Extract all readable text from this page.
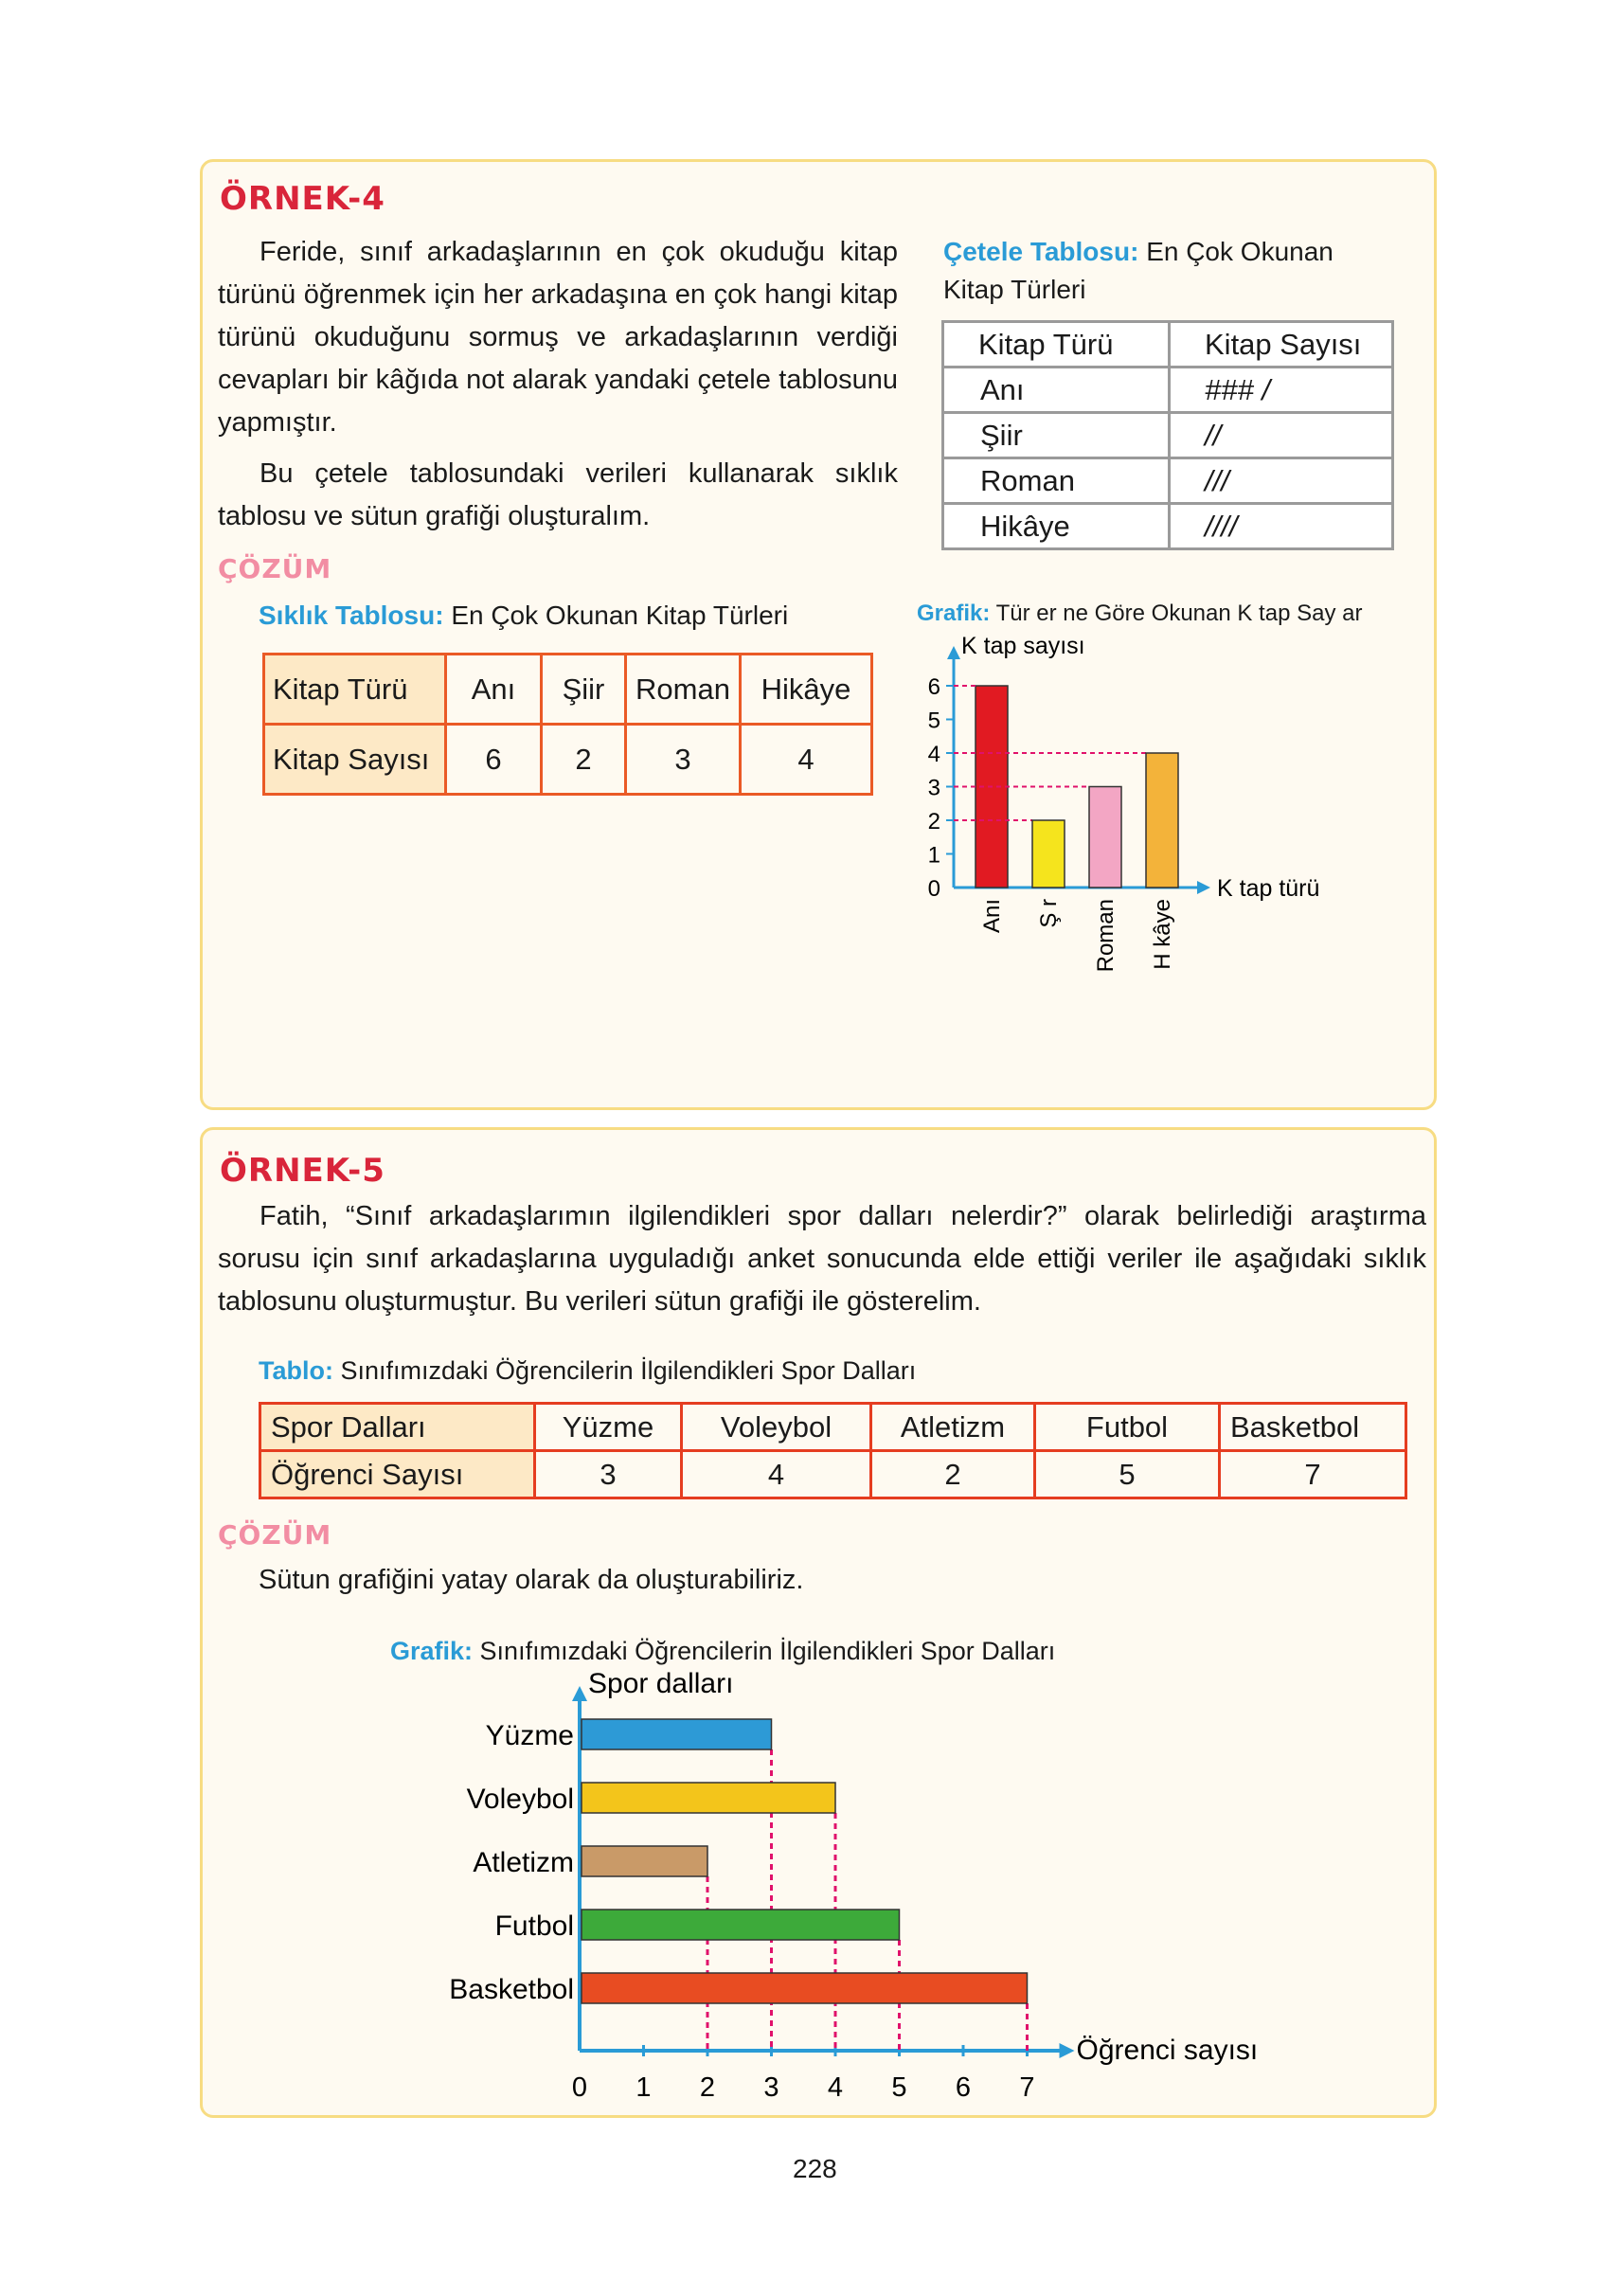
ÖRNEK-4
Feride, sınıf arkadaşlarının en çok okuduğu kitap türünü öğrenmek için her arkadaşına en çok hangi kitap türünü okuduğunu sormuş ve arkadaşlarının verdiği cevapları bir kâğıda not alarak yandaki çetele tablosunu yapmıştır.
Bu çetele tablosundaki verileri kullanarak sıklık tablosu ve sütun grafiği oluşturalım.
ÇÖZÜM
Çetele Tablosu: En Çok Okunan Kitap Türleri
Kitap Türü	Kitap Sayısı
Anı	### /
Şiir	//
Roman	///
Hikâye	////
Sıklık Tablosu: En Çok Okunan Kitap Türleri
Kitap Türü	Anı	Şiir	Roman	Hikâye
Kitap Sayısı	6	2	3	4
Grafik: Tür er ne Göre Okunan K tap Say ar
K tap sayısı
K tap türü
0
1
2
3
4
5
6
Anı Ş r Roman H kâye
ÖRNEK-5
Fatih, “Sınıf arkadaşlarımın ilgilendikleri spor dalları nelerdir?” olarak belirlediği araştırma sorusu için sınıf arkadaşlarına uyguladığı anket sonucunda elde ettiği veriler ile aşağıdaki sıklık tablosunu oluşturmuştur. Bu verileri sütun grafiği ile gösterelim.
Tablo: Sınıfımızdaki Öğrencilerin İlgilendikleri Spor Dalları
Spor Dalları	Yüzme	Voleybol	Atletizm	Futbol	Basketbol
Öğrenci Sayısı	3	4	2	5	7
ÇÖZÜM
Sütun grafiğini yatay olarak da oluşturabiliriz.
Grafik: Sınıfımızdaki Öğrencilerin İlgilendikleri Spor Dalları
Spor dalları
Öğrenci sayısı
0 1 2 3 4 5 6 7
Yüzme
Voleybol
Atletizm
Futbol
Basketbol
228
